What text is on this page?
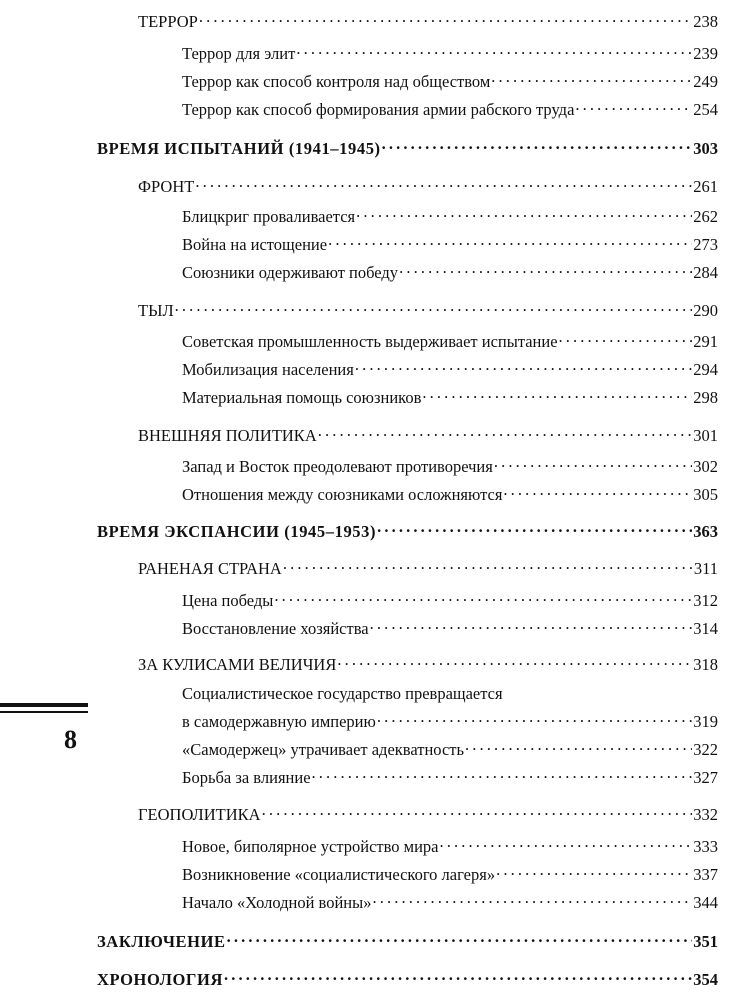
ТЕРРОР . . .	238
Террор для элит . . .	239
Террор как способ контроля над обществом . . .	249
Террор как способ формирования армии рабского труда . . .	254
ВРЕМЯ ИСПЫТАНИЙ (1941–1945) . . .	303
ФРОНТ . . .	261
Блицкриг проваливается . . .	262
Война на истощение . . .	273
Союзники одерживают победу . . .	284
ТЫЛ . . .	290
Советская промышленность выдерживает испытание . . .	291
Мобилизация населения . . .	294
Материальная помощь союзников . . .	298
ВНЕШНЯЯ ПОЛИТИКА . . .	301
Запад и Восток преодолевают противоречия . . .	302
Отношения между союзниками осложняются . . .	305
ВРЕМЯ ЭКСПАНСИИ (1945–1953) . . .	363
РАНЕНАЯ СТРАНА . . .	311
Цена победы . . .	312
Восстановление хозяйства . . .	314
ЗА КУЛИСАМИ ВЕЛИЧИЯ . . .	318
Социалистическое государство превращается
в самодержавную империю . . .	319
«Самодержец» утрачивает адекватность . . .	322
Борьба за влияние . . .	327
ГЕОПОЛИТИКА . . .	332
Новое, биполярное устройство мира . . .	333
Возникновение «социалистического лагеря» . . .	337
Начало «Холодной войны» . . .	344
ЗАКЛЮЧЕНИЕ . . .	351
ХРОНОЛОГИЯ . . .	354
8
